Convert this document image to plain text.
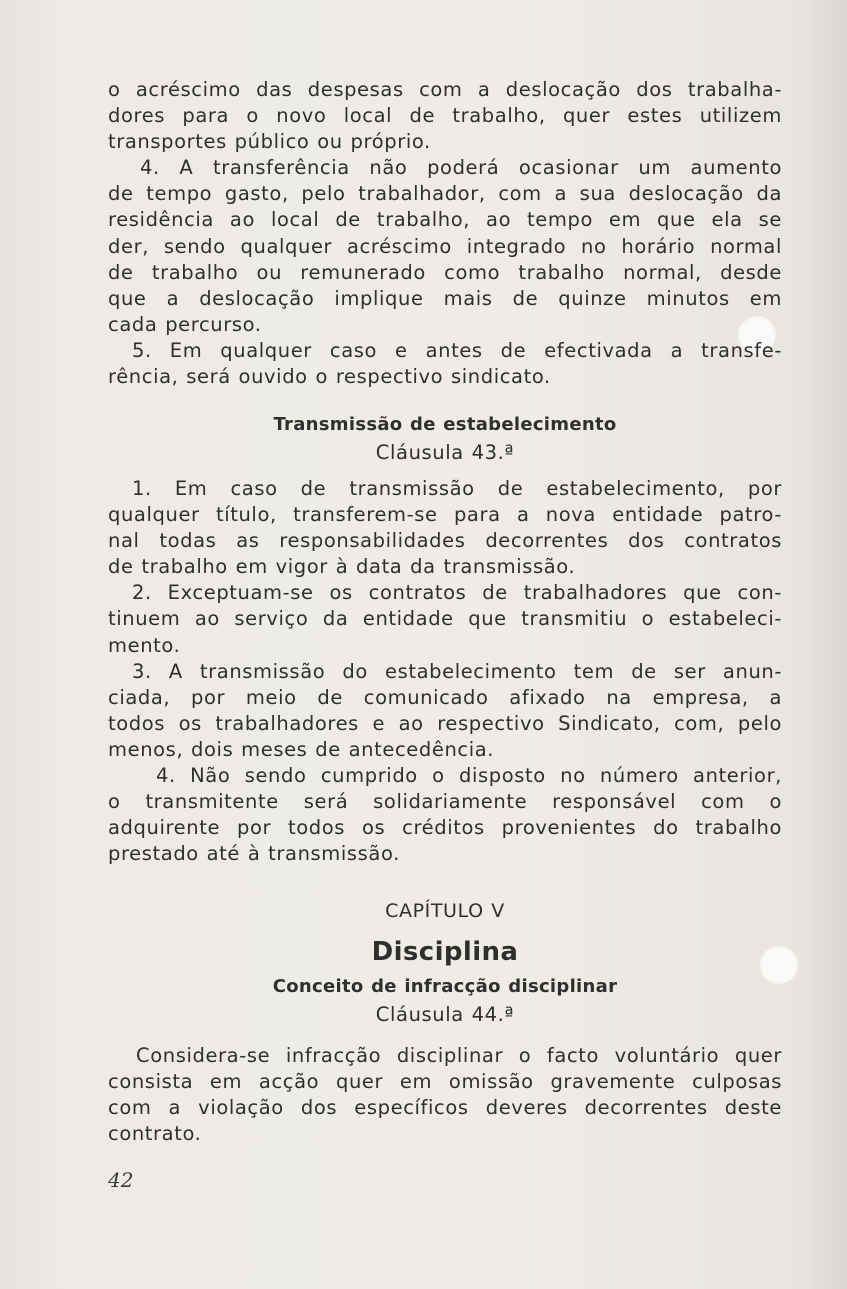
o acréscimo das despesas com a deslocação dos trabalha-
dores para o novo local de trabalho, quer estes utilizem
transportes público ou próprio.
4. A transferência não poderá ocasionar um aumento
de tempo gasto, pelo trabalhador, com a sua deslocação da
residência ao local de trabalho, ao tempo em que ela se
der, sendo qualquer acréscimo integrado no horário normal
de trabalho ou remunerado como trabalho normal, desde
que a deslocação implique mais de quinze minutos em
cada percurso.
5. Em qualquer caso e antes de efectivada a transfe-
rência, será ouvido o respectivo sindicato.
Transmissão de estabelecimento
Cláusula 43.ª
1. Em caso de transmissão de estabelecimento, por
qualquer título, transferem-se para a nova entidade patro-
nal todas as responsabilidades decorrentes dos contratos
de trabalho em vigor à data da transmissão.
2. Exceptuam-se os contratos de trabalhadores que con-
tinuem ao serviço da entidade que transmitiu o estabeleci-
mento.
3. A transmissão do estabelecimento tem de ser anun-
ciada, por meio de comunicado afixado na empresa, a
todos os trabalhadores e ao respectivo Sindicato, com, pelo
menos, dois meses de antecedência.
4. Não sendo cumprido o disposto no número anterior,
o transmitente será solidariamente responsável com o
adquirente por todos os créditos provenientes do trabalho
prestado até à transmissão.
CAPÍTULO V
Disciplina
Conceito de infracção disciplinar
Cláusula 44.ª
Considera-se infracção disciplinar o facto voluntário quer
consista em acção quer em omissão gravemente culposas
com a violação dos específicos deveres decorrentes deste
contrato.
42
